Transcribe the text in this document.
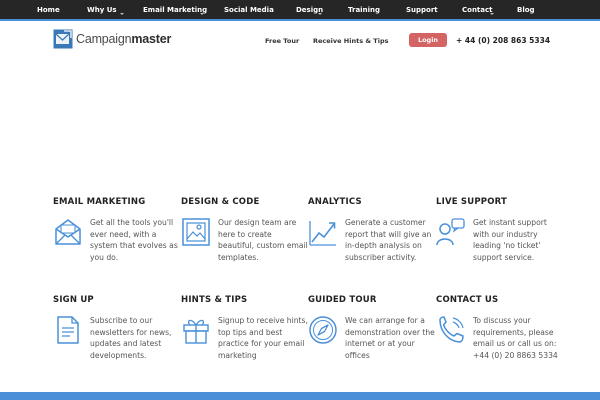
Home	Why Us	Email Marketing Social Media	Design	Training	Support	Contact	Blog
Campaignmaster	Free Tour Receive Hints & Tips	Login	+ 44 (0) 208 863 5334
EMAIL MARKETING
Get all the tools you'll ever need, with a system that evolves as you do.
DESIGN & CODE
Our design team are here to create beautiful, custom email templates.
ANALYTICS
Generate a customer report that will give an in-depth analysis on subscriber activity.
LIVE SUPPORT
Get instant support with our industry leading 'no ticket' support service.
SIGN UP
Subscribe to our newsletters for news, updates and latest developments.
HINTS & TIPS
Signup to receive hints, top tips and best practice for your email marketing
GUIDED TOUR
We can arrange for a demonstration over the internet or at your offices
CONTACT US
To discuss your requirements, please email us or call us on: +44 (0) 20 8863 5334
